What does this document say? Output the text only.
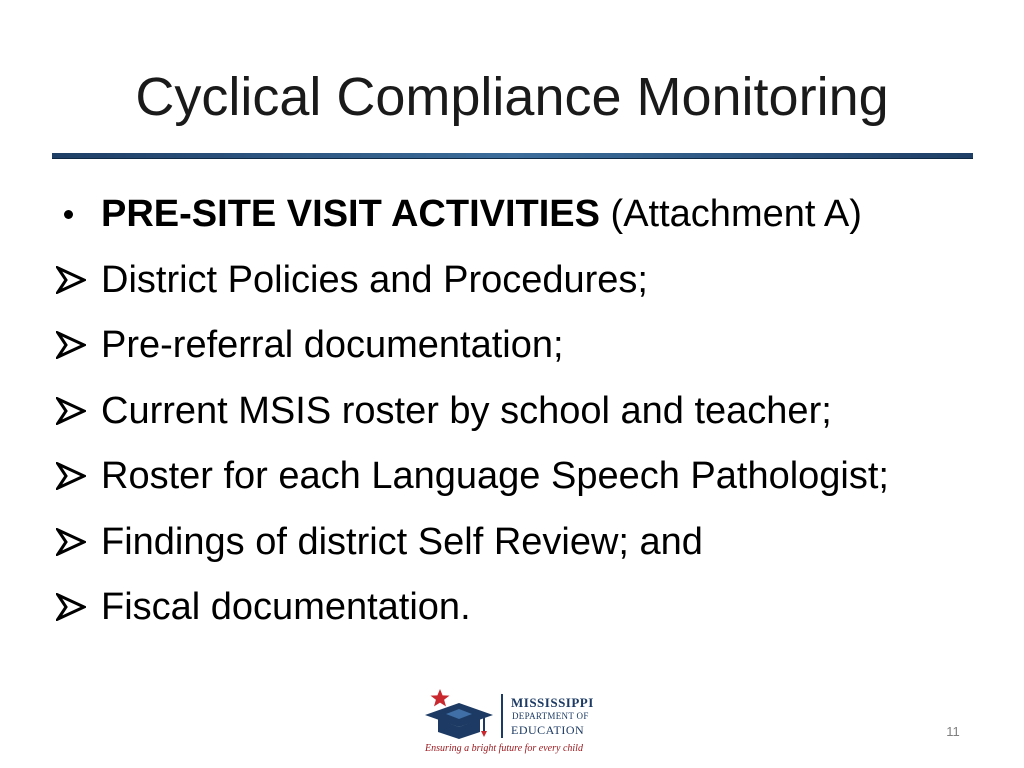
Cyclical Compliance Monitoring
PRE-SITE VISIT ACTIVITIES (Attachment A)
District Policies and Procedures;
Pre-referral documentation;
Current MSIS roster by school and teacher;
Roster for each Language Speech Pathologist;
Findings of district Self Review; and
Fiscal documentation.
MISSISSIPPI
DEPARTMENT OF
EDUCATION
Ensuring a bright future for every child
11
